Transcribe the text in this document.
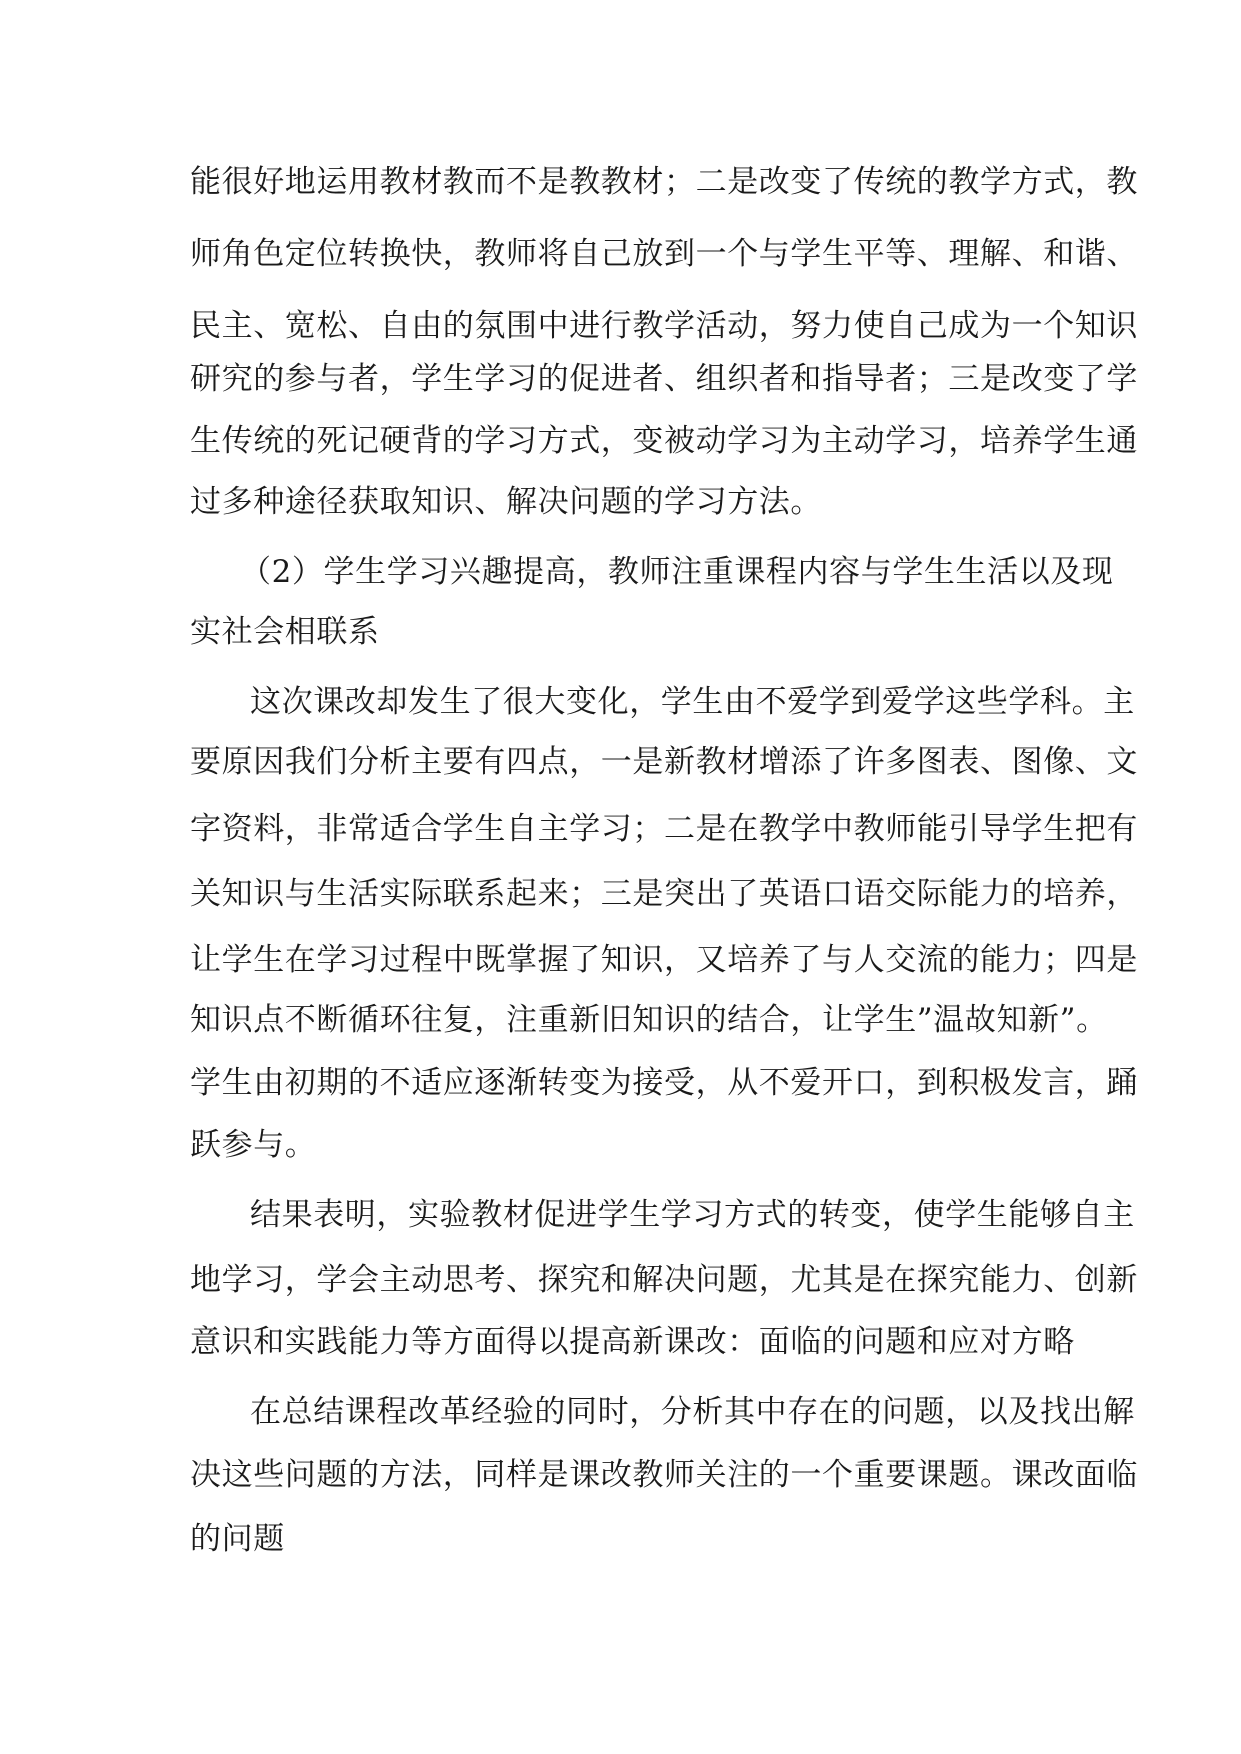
能很好地运用教材教而不是教教材；二是改变了传统的教学方式，教
师角色定位转换快，教师将自己放到一个与学生平等、理解、和谐、
民主、宽松、自由的氛围中进行教学活动，努力使自己成为一个知识
研究的参与者，学生学习的促进者、组织者和指导者；三是改变了学
生传统的死记硬背的学习方式，变被动学习为主动学习，培养学生通
过多种途径获取知识、解决问题的学习方法。
（2）学生学习兴趣提高，教师注重课程内容与学生生活以及现
实社会相联系
这次课改却发生了很大变化，学生由不爱学到爱学这些学科。主
要原因我们分析主要有四点，一是新教材增添了许多图表、图像、文
字资料，非常适合学生自主学习；二是在教学中教师能引导学生把有
关知识与生活实际联系起来；三是突出了英语口语交际能力的培养，
让学生在学习过程中既掌握了知识，又培养了与人交流的能力；四是
知识点不断循环往复，注重新旧知识的结合，让学生”温故知新”。
学生由初期的不适应逐渐转变为接受，从不爱开口，到积极发言，踊
跃参与。
结果表明，实验教材促进学生学习方式的转变，使学生能够自主
地学习，学会主动思考、探究和解决问题，尤其是在探究能力、创新
意识和实践能力等方面得以提高新课改：面临的问题和应对方略
在总结课程改革经验的同时，分析其中存在的问题，以及找出解
决这些问题的方法，同样是课改教师关注的一个重要课题。课改面临
的问题
